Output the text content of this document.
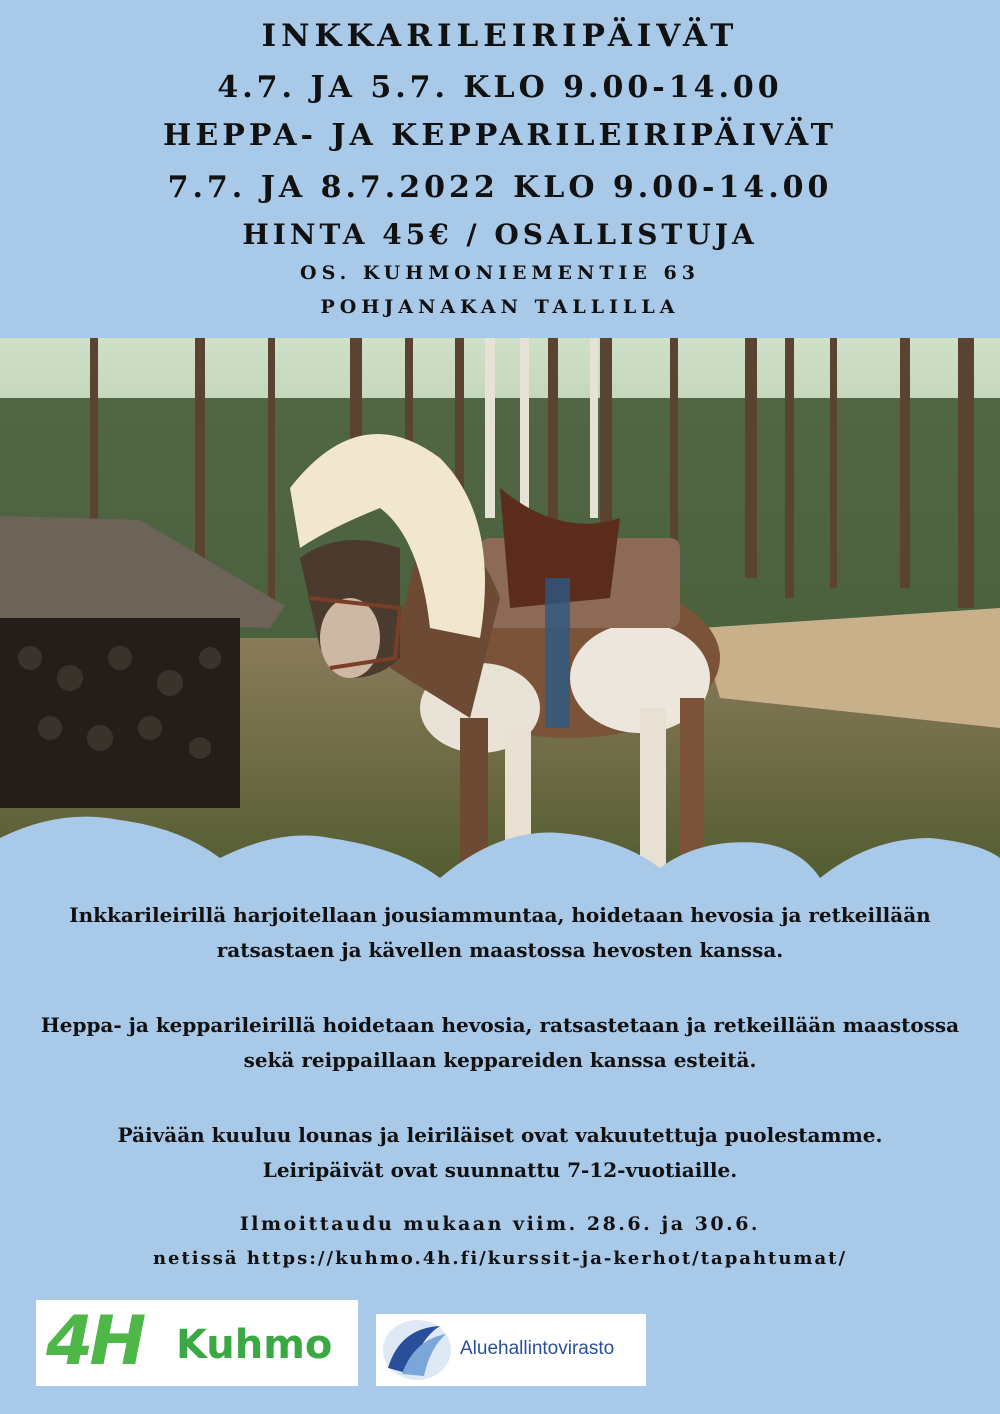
INKKARILEIRIPÄIVÄT
4.7. JA 5.7. KLO 9.00-14.00
HEPPA- JA KEPPARILEIRIPÄIVÄT
7.7. JA 8.7.2022 KLO 9.00-14.00
HINTA 45€ / OSALLISTUJA
OS. KUHMONIEMENTIE 63
POHJANAKAN TALLILLA
Inkkarileirillä harjoitellaan jousiammuntaa, hoidetaan hevosia ja retkeillään
ratsastaen ja kävellen maastossa hevosten kanssa.
Heppa- ja kepparileirillä hoidetaan hevosia, ratsastetaan ja retkeillään maastossa
sekä reippaillaan keppareiden kanssa esteitä.
Päivään kuuluu lounas ja leiriläiset ovat vakuutettuja puolestamme.
Leiripäivät ovat suunnattu 7-12-vuotiaille.
Ilmoittaudu mukaan viim. 28.6. ja 30.6.
netissä https://kuhmo.4h.fi/kurssit-ja-kerhot/tapahtumat/
4H Kuhmo	Aluehallintovirasto
